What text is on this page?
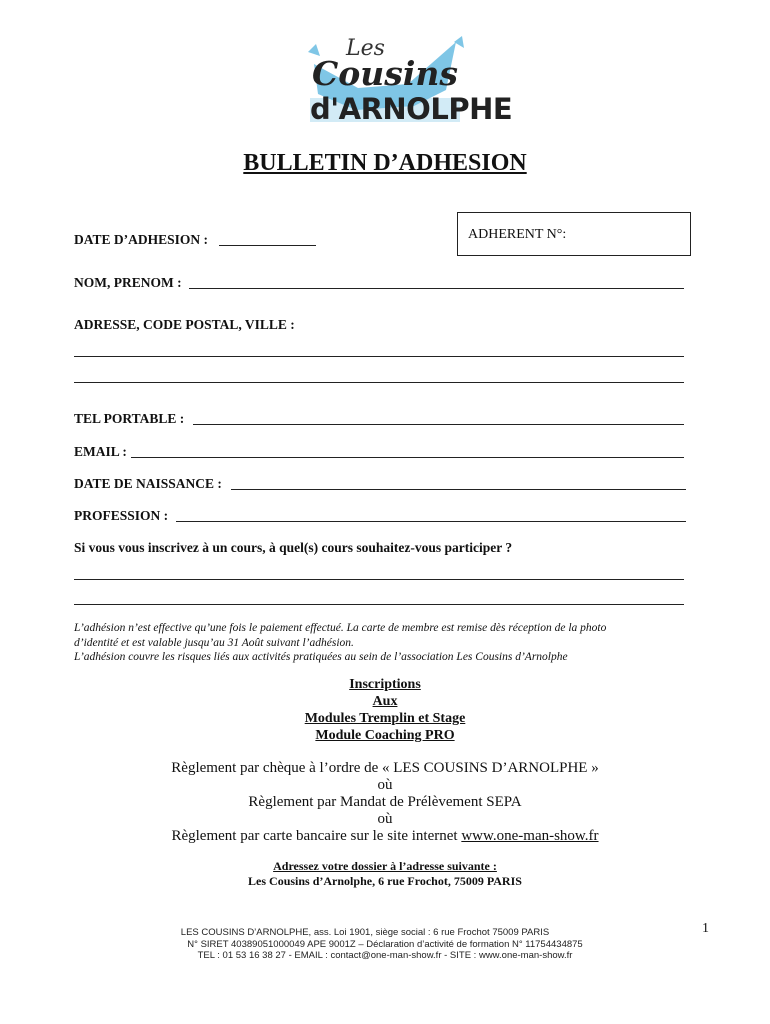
Les
Cousins
d'ARNOLPHE
BULLETIN D’ADHESION
ADHERENT N°:
DATE D’ADHESION :
NOM, PRENOM :
ADRESSE, CODE POSTAL, VILLE :
TEL PORTABLE :
EMAIL :
DATE DE NAISSANCE :
PROFESSION :
Si vous vous inscrivez à un cours, à quel(s) cours souhaitez-vous participer ?
L’adhésion n’est effective qu’une fois le paiement effectué. La carte de membre est remise dès réception de la photo
d’identité et est valable jusqu’au 31 Août suivant l’adhésion.
L’adhésion couvre les risques liés aux activités pratiquées au sein de l’association Les Cousins d’Arnolphe
Inscriptions
Aux
Modules Tremplin et Stage
Module Coaching PRO
Règlement par chèque à l’ordre de « LES COUSINS D’ARNOLPHE »
où
Règlement par Mandat de Prélèvement SEPA
où
Règlement par carte bancaire sur le site internet www.one-man-show.fr
Adressez votre dossier à l’adresse suivante :
Les Cousins d’Arnolphe, 6 rue Frochot, 75009 PARIS
LES COUSINS D’ARNOLPHE, ass. Loi 1901, siège social : 6 rue Frochot 75009 PARIS
N° SIRET 40389051000049 APE 9001Z – Déclaration d’activité de formation N° 11754434875
TEL : 01 53 16 38 27 - EMAIL : contact@one-man-show.fr - SITE : www.one-man-show.fr
1
